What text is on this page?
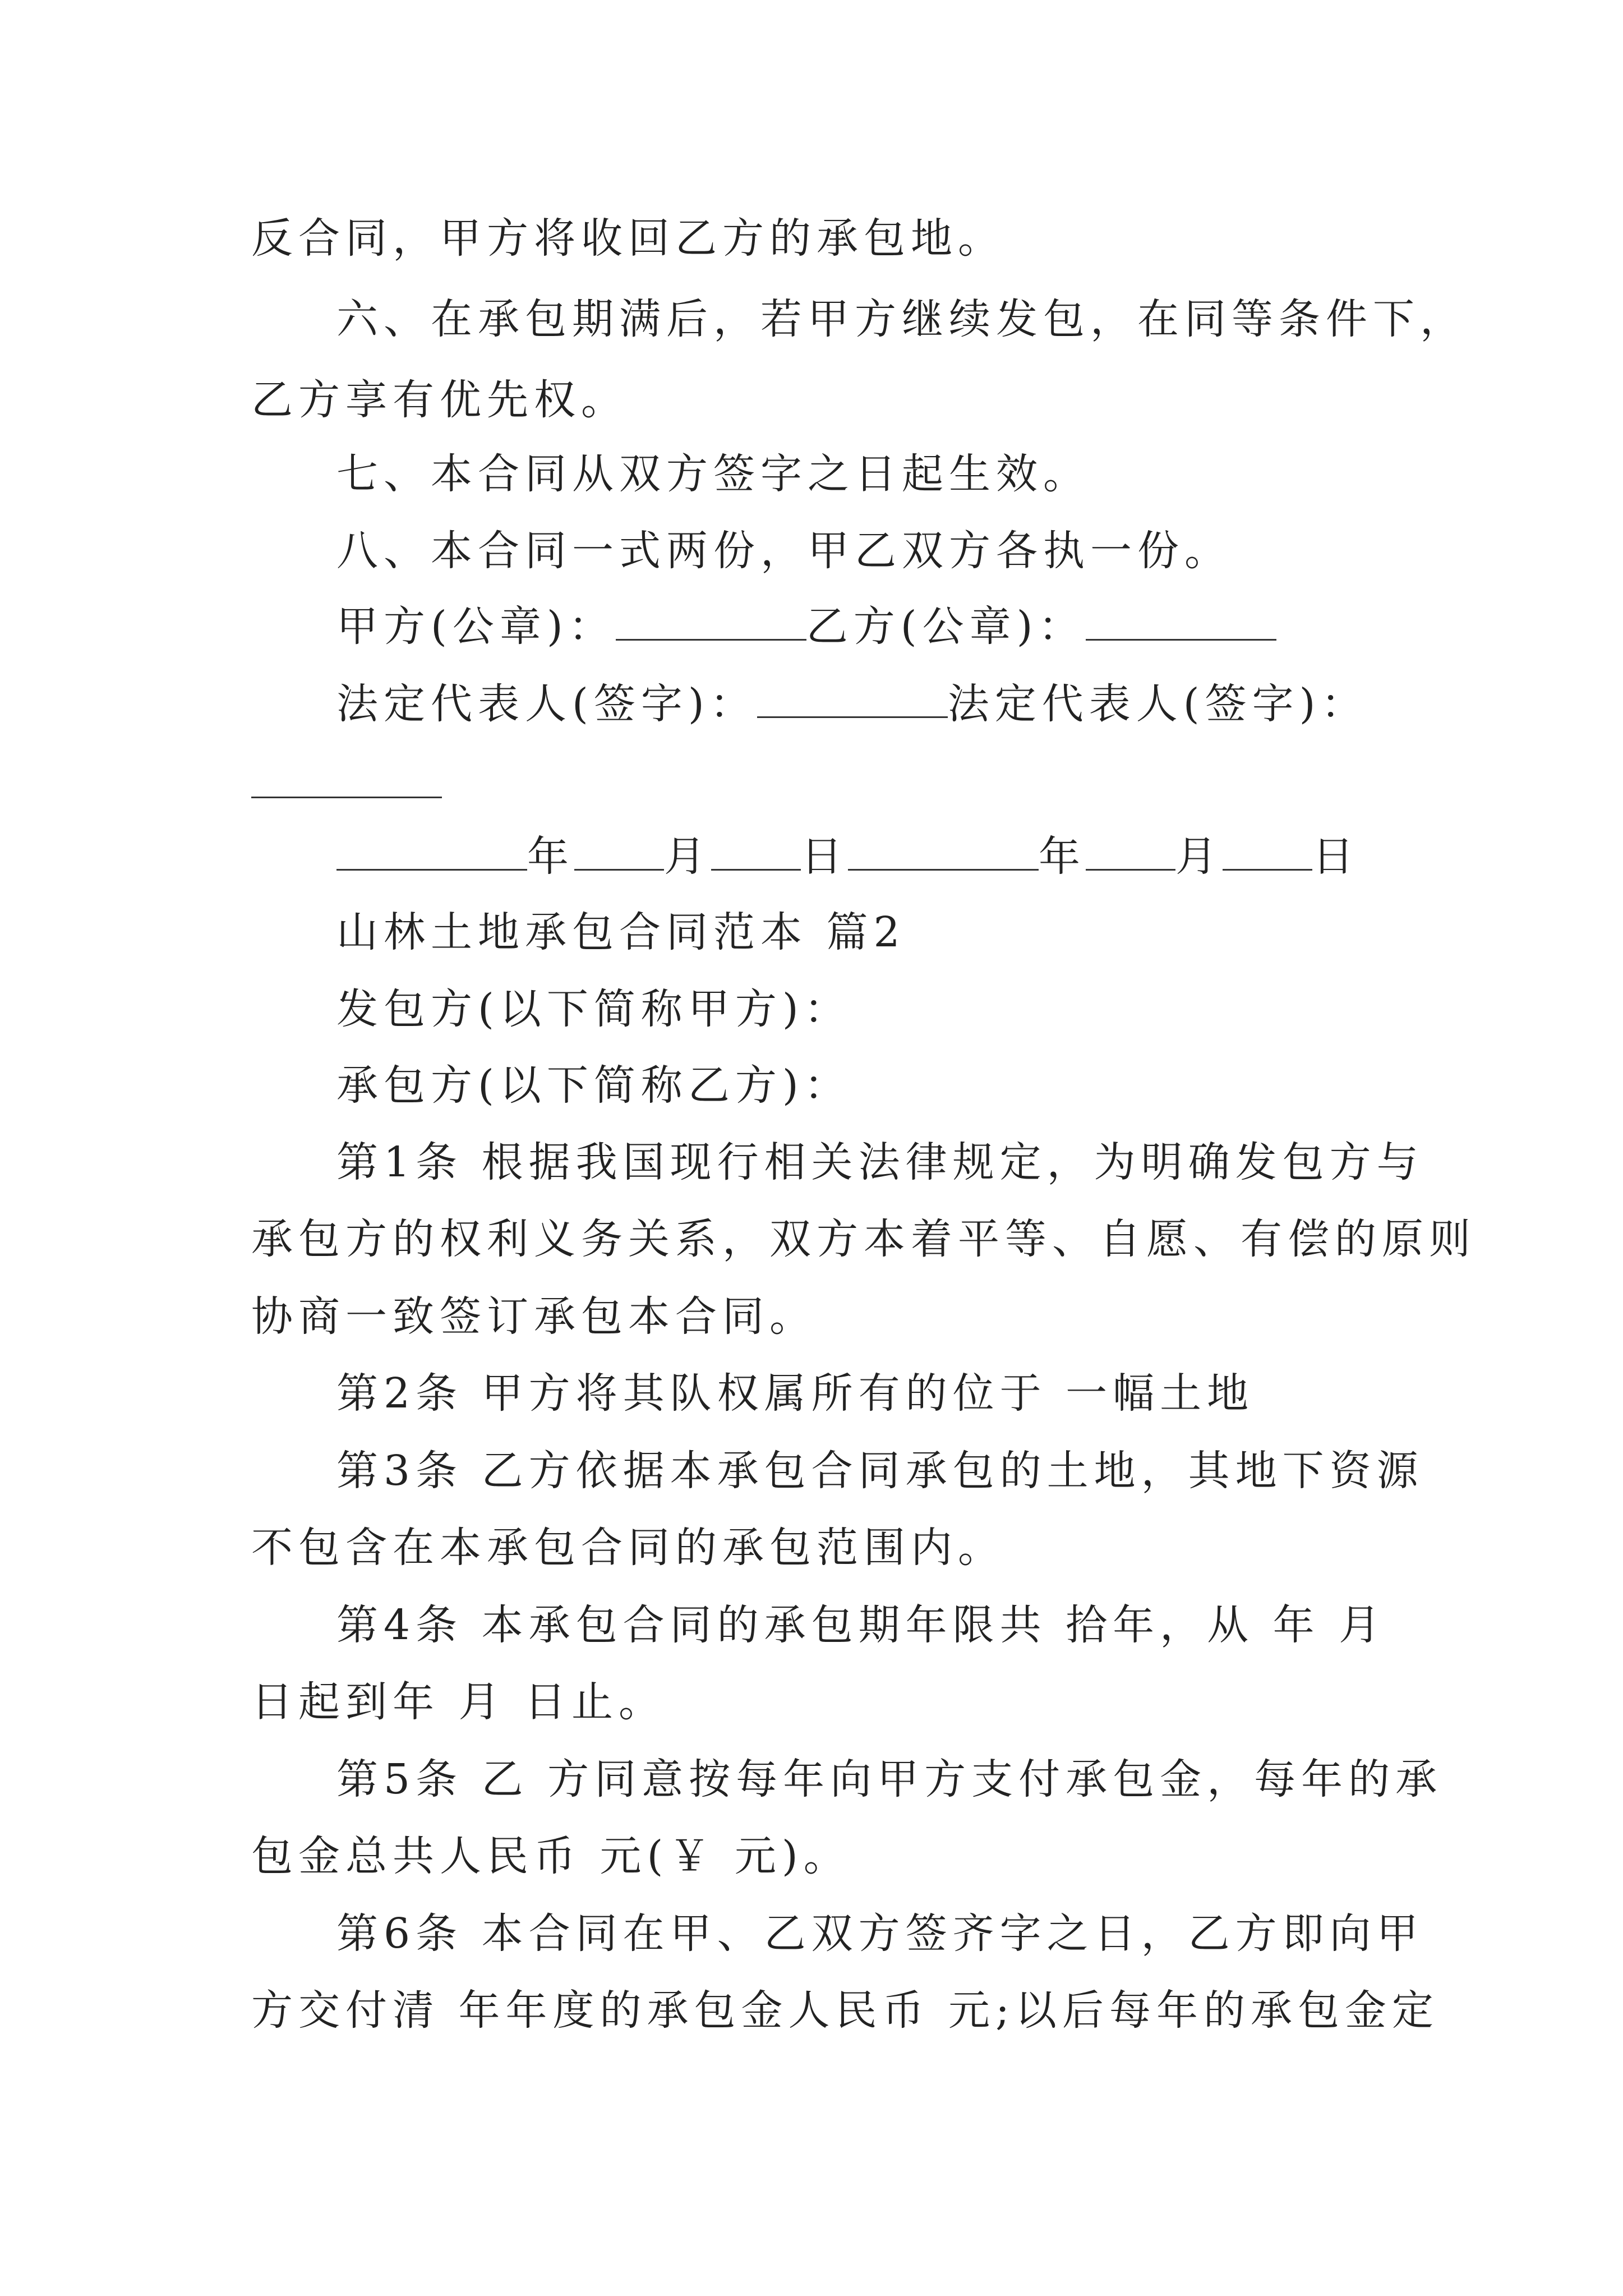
反合同，甲方将收回乙方的承包地。
六、在承包期满后，若甲方继续发包，在同等条件下，
乙方享有优先权。
七、本合同从双方签字之日起生效。
八、本合同一式两份，甲乙双方各执一份。
甲方(公章)：	乙方(公章)：
法定代表人(签字)：	法定代表人(签字)：
年 月 日	年 月 日
山林土地承包合同范本 篇2
发包方(以下简称甲方)：
承包方(以下简称乙方)：
第1条 根据我国现行相关法律规定，为明确发包方与
承包方的权利义务关系，双方本着平等、自愿、有偿的原则
协商一致签订承包本合同。
第2条 甲方将其队权属所有的位于 一幅土地
第3条 乙方依据本承包合同承包的土地，其地下资源
不包含在本承包合同的承包范围内。
第4条 本承包合同的承包期年限共 拾年，从 年 月
日起到年 月 日止。
第5条 乙 方同意按每年向甲方支付承包金，每年的承
包金总共人民币 元(￥ 元)。
第6条 本合同在甲、乙双方签齐字之日，乙方即向甲
方交付清 年年度的承包金人民币 元;以后每年的承包金定
